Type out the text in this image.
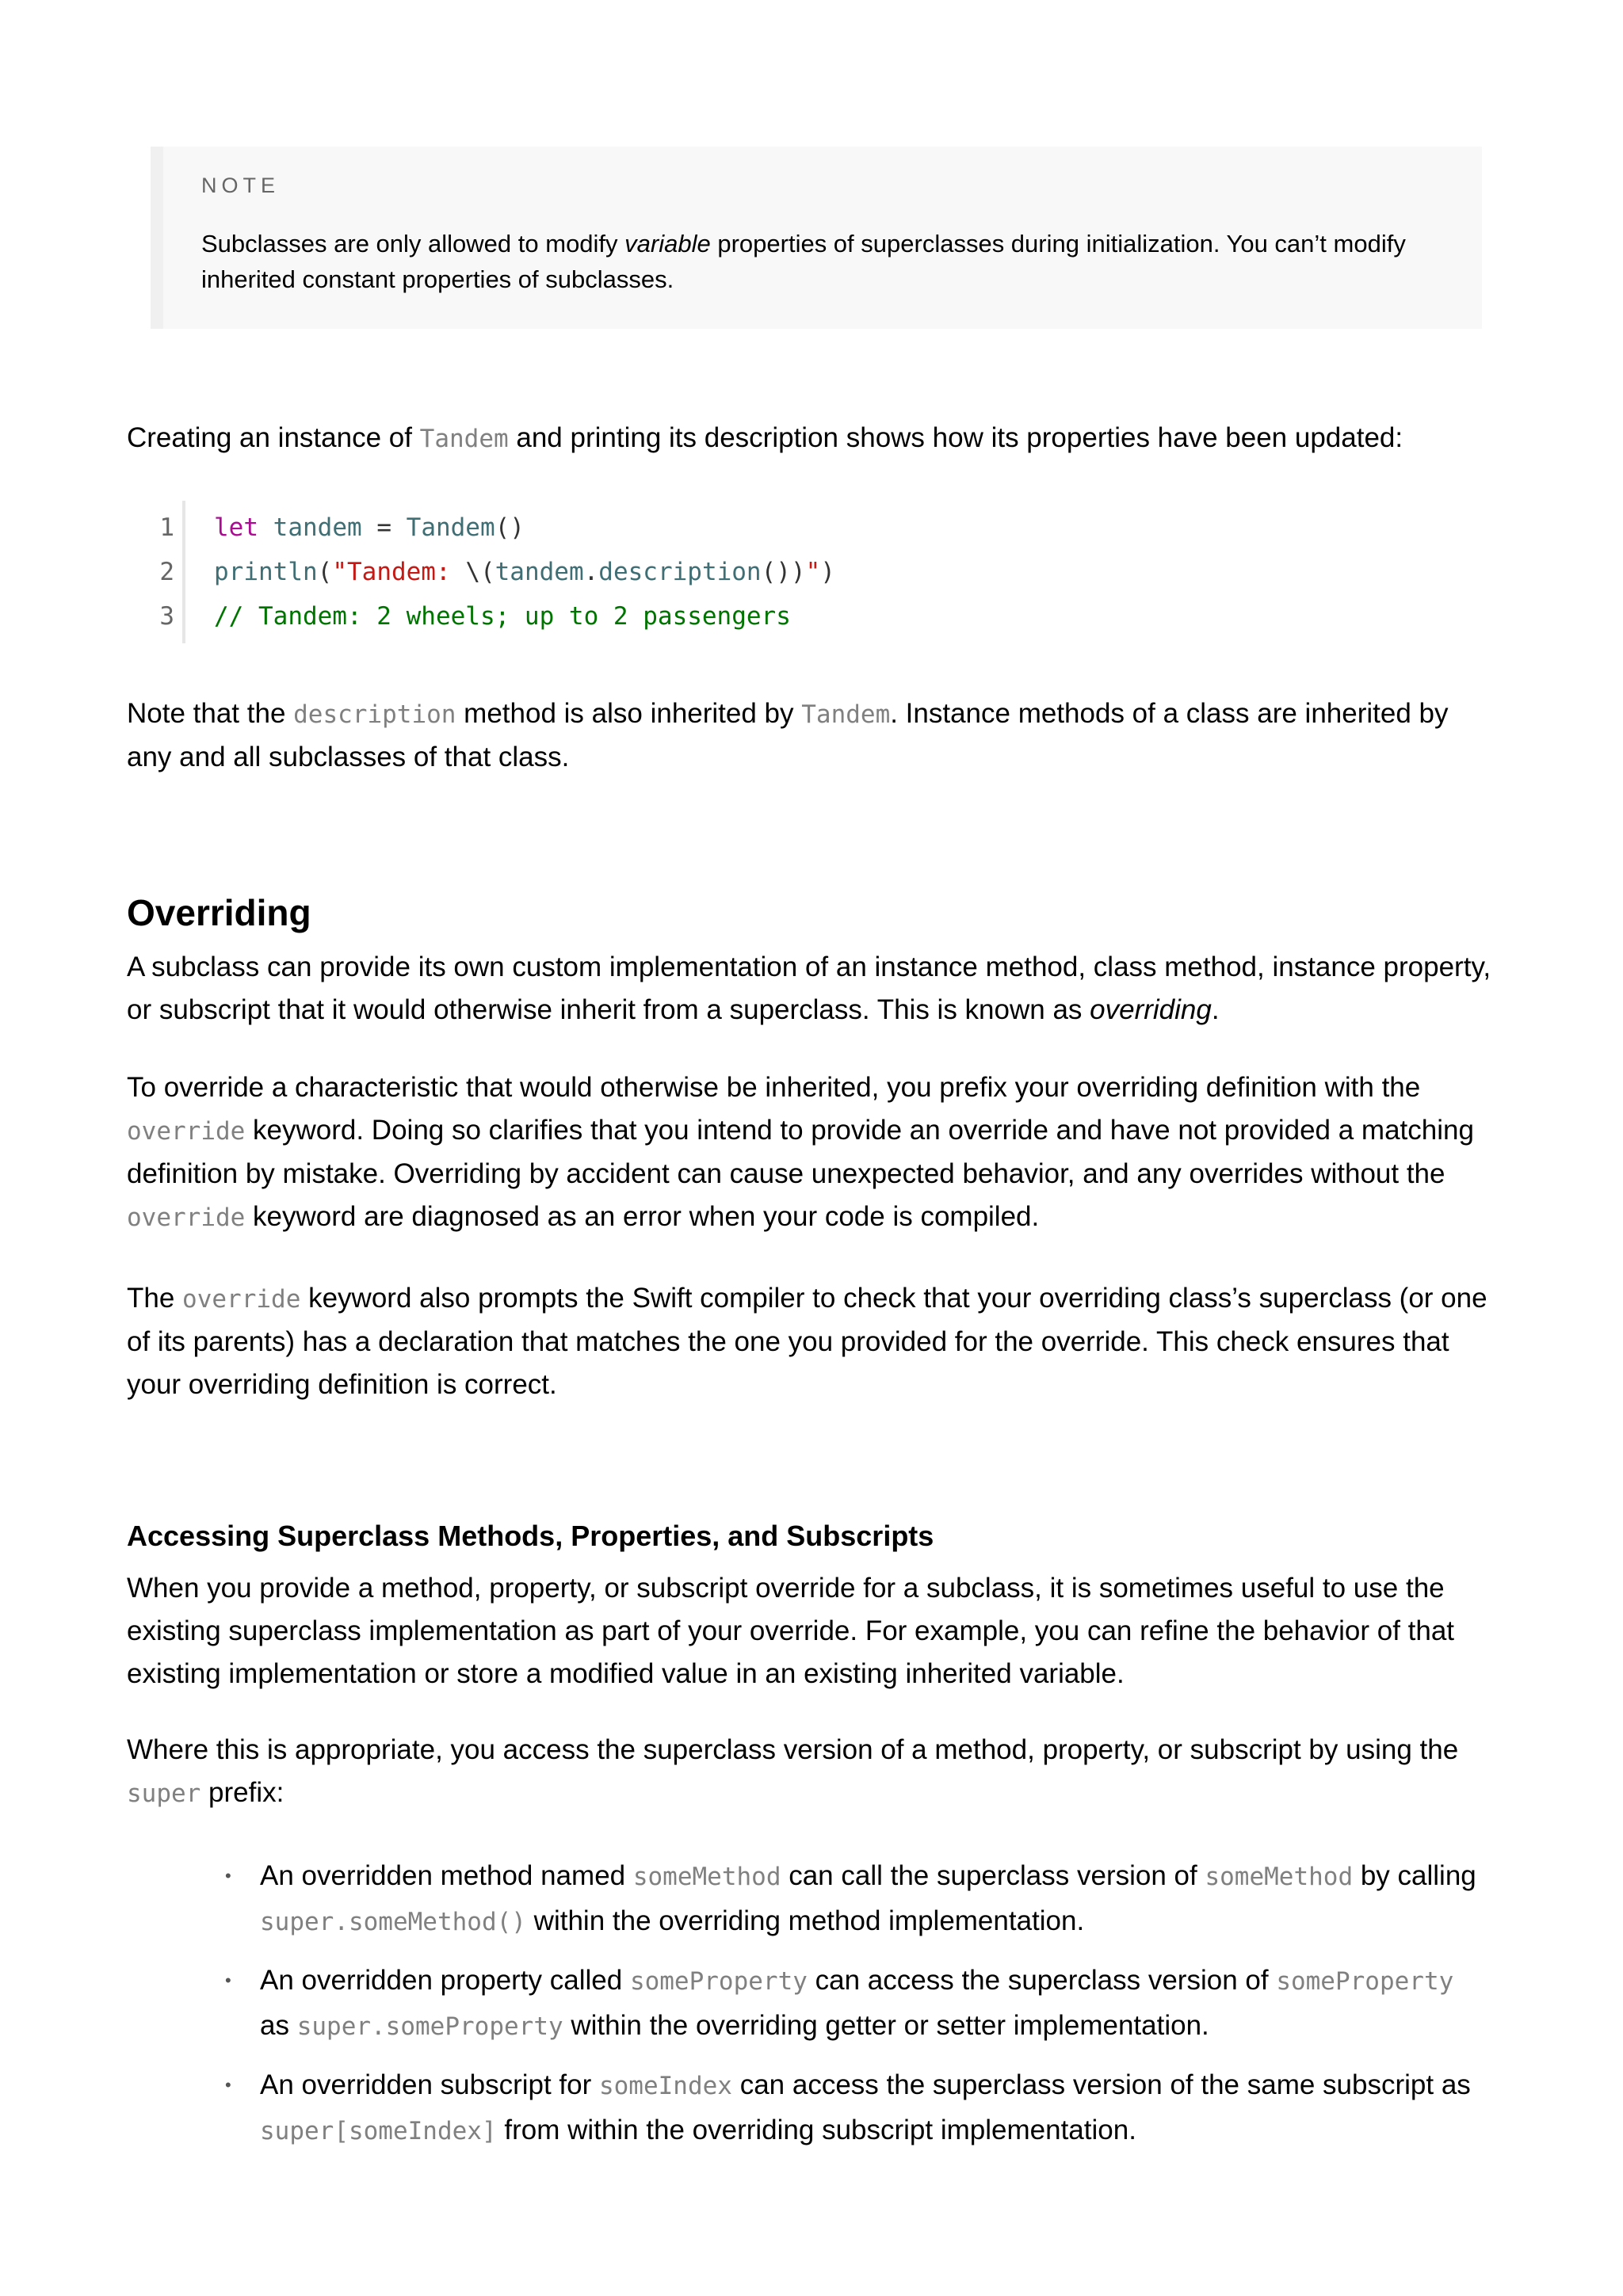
NOTE
Subclasses are only allowed to modify variable properties of superclasses during initialization. You can’t modify inherited constant properties of subclasses.

Creating an instance of Tandem and printing its description shows how its properties have been updated:

1
2
3
let tandem = Tandem()
println("Tandem: \(tandem.description())")
// Tandem: 2 wheels; up to 2 passengers

Note that the description method is also inherited by Tandem. Instance methods of a class are inherited by any and all subclasses of that class.

Overriding

A subclass can provide its own custom implementation of an instance method, class method, instance property, or subscript that it would otherwise inherit from a superclass. This is known as overriding.

To override a characteristic that would otherwise be inherited, you prefix your overriding definition with the override keyword. Doing so clarifies that you intend to provide an override and have not provided a matching definition by mistake. Overriding by accident can cause unexpected behavior, and any overrides without the override keyword are diagnosed as an error when your code is compiled.

The override keyword also prompts the Swift compiler to check that your overriding class’s superclass (or one of its parents) has a declaration that matches the one you provided for the override. This check ensures that your overriding definition is correct.

Accessing Superclass Methods, Properties, and Subscripts

When you provide a method, property, or subscript override for a subclass, it is sometimes useful to use the existing superclass implementation as part of your override. For example, you can refine the behavior of that existing implementation or store a modified value in an existing inherited variable.

Where this is appropriate, you access the superclass version of a method, property, or subscript by using the super prefix:

• An overridden method named someMethod can call the superclass version of someMethod by calling super.someMethod() within the overriding method implementation.
• An overridden property called someProperty can access the superclass version of someProperty as super.someProperty within the overriding getter or setter implementation.
• An overridden subscript for someIndex can access the superclass version of the same subscript as super[someIndex] from within the overriding subscript implementation.
